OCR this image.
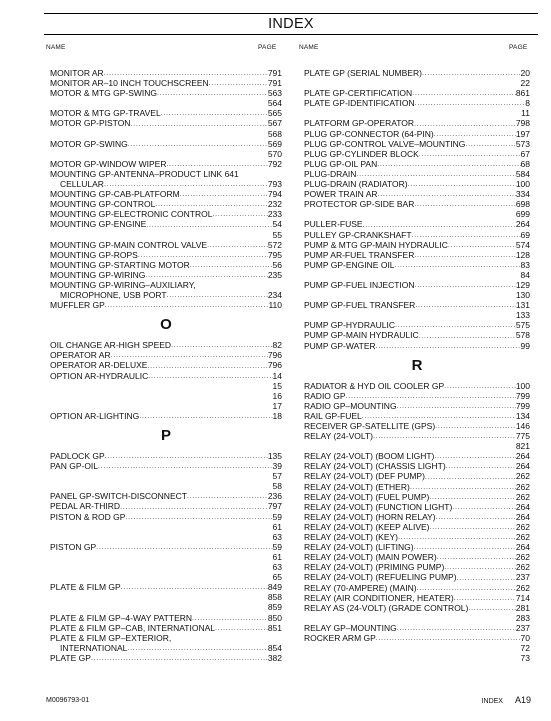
INDEX
NAME	PAGE	NAME	PAGE
MONITOR AR . . .	791
MONITOR AR–10 INCH TOUCHSCREEN . . .	791
MOTOR & MTG GP-SWING . . .	563
564
MOTOR & MTG GP-TRAVEL . . .	565
MOTOR GP-PISTON . . .	567
568
MOTOR GP-SWING . . .	569
570
MOTOR GP-WINDOW WIPER . . .	792
MOUNTING GP-ANTENNA–PRODUCT LINK 641
CELLULAR . . .	793
MOUNTING GP-CAB-PLATFORM . . .	794
MOUNTING GP-CONTROL . . .	232
MOUNTING GP-ELECTRONIC CONTROL . . .	233
MOUNTING GP-ENGINE . . .	54
55
MOUNTING GP-MAIN CONTROL VALVE . . .	572
MOUNTING GP-ROPS . . .	795
MOUNTING GP-STARTING MOTOR . . .	56
MOUNTING GP-WIRING . . .	235
MOUNTING GP-WIRING–AUXILIARY,
MICROPHONE, USB PORT . . .	234
MUFFLER GP . . .	110
O
OIL CHANGE AR-HIGH SPEED . . .	82
OPERATOR AR . . .	796
OPERATOR AR-DELUXE . . .	796
OPTION AR-HYDRAULIC . . .	14
15
16
17
OPTION AR-LIGHTING . . .	18
P
PADLOCK GP . . .	135
PAN GP-OIL . . .	39
57
58
PANEL GP-SWITCH-DISCONNECT . . .	236
PEDAL AR-THIRD . . .	797
PISTON & ROD GP . . .	59
61
63
PISTON GP . . .	59
61
63
65
PLATE & FILM GP . . .	849
858
859
PLATE & FILM GP–4-WAY PATTERN . . .	850
PLATE & FILM GP–CAB, INTERNATIONAL . . .	851
PLATE & FILM GP–EXTERIOR,
INTERNATIONAL . . .	854
PLATE GP . . .	382
PLATE GP (SERIAL NUMBER) . . .	20
22
PLATE GP-CERTIFICATION . . .	861
PLATE GP-IDENTIFICATION . . .	8
11
PLATFORM GP-OPERATOR . . .	798
PLUG GP-CONNECTOR (64-PIN) . . .	197
PLUG GP-CONTROL VALVE–MOUNTING . . .	573
PLUG GP-CYLINDER BLOCK . . .	67
PLUG GP-OIL PAN . . .	68
PLUG-DRAIN . . .	584
PLUG-DRAIN (RADIATOR) . . .	100
POWER TRAIN AR . . .	334
PROTECTOR GP-SIDE BAR . . .	698
699
PULLER-FUSE . . .	264
PULLEY GP-CRANKSHAFT . . .	69
PUMP & MTG GP-MAIN HYDRAULIC . . .	574
PUMP AR-FUEL TRANSFER . . .	128
PUMP GP-ENGINE OIL . . .	83
84
PUMP GP-FUEL INJECTION . . .	129
130
PUMP GP-FUEL TRANSFER . . .	131
133
PUMP GP-HYDRAULIC . . .	575
PUMP GP-MAIN HYDRAULIC . . .	578
PUMP GP-WATER . . .	99
R
RADIATOR & HYD OIL COOLER GP . . .	100
RADIO GP . . .	799
RADIO GP–MOUNTING . . .	799
RAIL GP-FUEL . . .	134
RECEIVER GP-SATELLITE (GPS) . . .	146
RELAY (24-VOLT) . . .	775
821
RELAY (24-VOLT) (BOOM LIGHT) . . .	264
RELAY (24-VOLT) (CHASSIS LIGHT) . . .	264
RELAY (24-VOLT) (DEF PUMP) . . .	262
RELAY (24-VOLT) (ETHER) . . .	262
RELAY (24-VOLT) (FUEL PUMP) . . .	262
RELAY (24-VOLT) (FUNCTION LIGHT) . . .	264
RELAY (24-VOLT) (HORN RELAY) . . .	264
RELAY (24-VOLT) (KEEP ALIVE) . . .	262
RELAY (24-VOLT) (KEY) . . .	262
RELAY (24-VOLT) (LIFTING) . . .	264
RELAY (24-VOLT) (MAIN POWER) . . .	262
RELAY (24-VOLT) (PRIMING PUMP) . . .	262
RELAY (24-VOLT) (REFUELING PUMP) . . .	237
RELAY (70-AMPERE) (MAIN) . . .	262
RELAY (AIR CONDITIONER, HEATER) . . .	714
RELAY AS (24-VOLT) (GRADE CONTROL) . . .	281
283
RELAY GP–MOUNTING . . .	237
ROCKER ARM GP . . .	70
72
73
M0096793-01	INDEX A19
